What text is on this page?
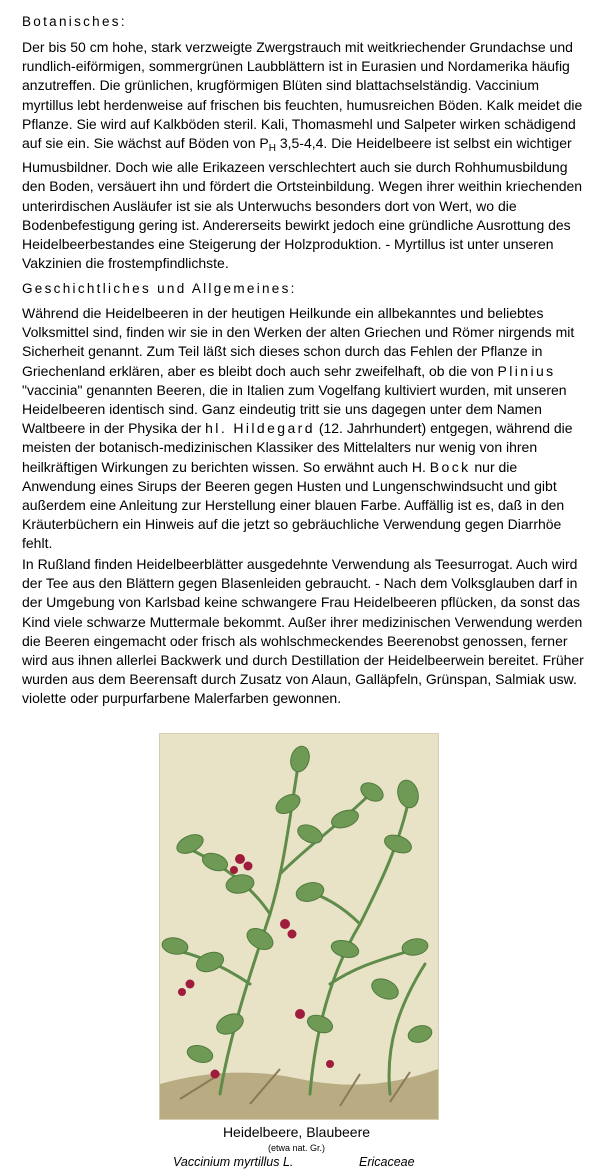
Botanisches:

Der bis 50 cm hohe, stark verzweigte Zwergstrauch mit weitkriechender Grundachse und rundlich-eiförmigen, sommergrünen Laubblättern ist in Eurasien und Nordamerika häufig anzutreffen. Die grünlichen, krugförmigen Blüten sind blattachselständig. Vaccinium myrtillus lebt herdenweise auf frischen bis feuchten, humusreichen Böden. Kalk meidet die Pflanze. Sie wird auf Kalkböden steril. Kali, Thomasmehl und Salpeter wirken schädigend auf sie ein. Sie wächst auf Böden von $P_H$ 3,5-4,4. Die Heidelbeere ist selbst ein wichtiger Humusbildner. Doch wie alle Erikazeen verschlechtert auch sie durch Rohhumusbildung den Boden, versäuert ihn und fördert die Ortsteinbildung. Wegen ihrer weithin kriechenden unterirdischen Ausläufer ist sie als Unterwuchs besonders dort von Wert, wo die Bodenbefestigung gering ist. Andererseits bewirkt jedoch eine gründliche Ausrottung des Heidelbeerbestandes eine Steigerung der Holzproduktion. - Myrtillus ist unter unseren Vakzinien die frostempfindlichste.

Geschichtliches und Allgemeines:

Während die Heidelbeeren in der heutigen Heilkunde ein allbekanntes und beliebtes Volksmittel sind, finden wir sie in den Werken der alten Griechen und Römer nirgends mit Sicherheit genannt. Zum Teil läßt sich dieses schon durch das Fehlen der Pflanze in Griechenland erklären, aber es bleibt doch auch sehr zweifelhaft, ob die von Plinius "vaccinia" genannten Beeren, die in Italien zum Vogelfang kultiviert wurden, mit unseren Heidelbeeren identisch sind. Ganz eindeutig tritt sie uns dagegen unter dem Namen Waltbeere in der Physika der hl. Hildegard (12. Jahrhundert) entgegen, während die meisten der botanisch-medizinischen Klassiker des Mittelalters nur wenig von ihren heilkräftigen Wirkungen zu berichten wissen. So erwähnt auch H. Bock nur die Anwendung eines Sirups der Beeren gegen Husten und Lungenschwindsucht und gibt außerdem eine Anleitung zur Herstellung einer blauen Farbe. Auffällig ist es, daß in den Kräuterbüchern ein Hinweis auf die jetzt so gebräuchliche Verwendung gegen Diarrhöe fehlt.

In Rußland finden Heidelbeerblätter ausgedehnte Verwendung als Teesurrogat. Auch wird der Tee aus den Blättern gegen Blasenleiden gebraucht. - Nach dem Volksglauben darf in der Umgebung von Karlsbad keine schwangere Frau Heidelbeeren pflücken, da sonst das Kind viele schwarze Muttermale bekommt. Außer ihrer medizinischen Verwendung werden die Beeren eingemacht oder frisch als wohlschmeckendes Beerenobst genossen, ferner wird aus ihnen allerlei Backwerk und durch Destillation der Heidelbeerwein bereitet. Früher wurden aus dem Beerensaft durch Zusatz von Alaun, Galläpfeln, Grünspan, Salmiak usw. violette oder purpurfarbene Malerfarben gewonnen.

Heidelbeere, Blaubeere

(etwa nat. Gr.)

Vaccinium myrtillus L.	Ericaceae
